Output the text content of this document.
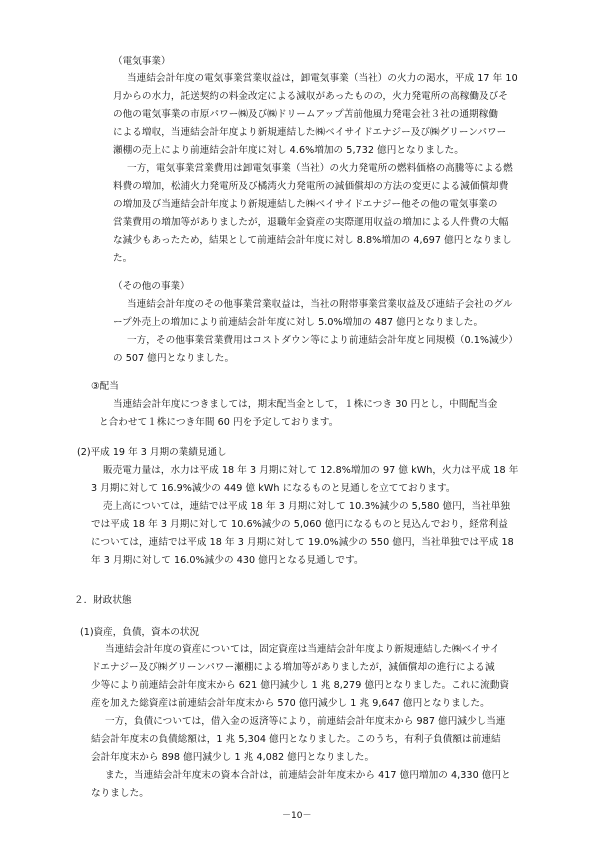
（電気事業）
当連結会計年度の電気事業営業収益は，卸電気事業（当社）の火力の渇水，平成 17 年 10
月からの水力，託送契約の料金改定による減収があったものの，火力発電所の高稼働及びそ
の他の電気事業の市原パワー㈱及び㈱ドリームアップ苫前他風力発電会社３社の通期稼働
による増収，当連結会計年度より新規連結した㈱ベイサイドエナジー及び㈱グリーンパワー
瀬棚の売上により前連結会計年度に対し 4.6%増加の 5,732 億円となりました。
一方，電気事業営業費用は卸電気事業（当社）の火力発電所の燃料価格の高騰等による燃
料費の増加，松浦火力発電所及び橘湾火力発電所の減価償却の方法の変更による減価償却費
の増加及び当連結会計年度より新規連結した㈱ベイサイドエナジー他その他の電気事業の
営業費用の増加等がありましたが，退職年金資産の実際運用収益の増加による人件費の大幅
な減少もあったため，結果として前連結会計年度に対し 8.8%増加の 4,697 億円となりまし
た。
（その他の事業）
当連結会計年度のその他事業営業収益は，当社の附帯事業営業収益及び連結子会社のグル
ープ外売上の増加により前連結会計年度に対し 5.0%増加の 487 億円となりました。
一方，その他事業営業費用はコストダウン等により前連結会計年度と同規模（0.1%減少）
の 507 億円となりました。
③配当
当連結会計年度につきましては，期末配当金として，１株につき 30 円とし，中間配当金
と合わせて１株につき年間 60 円を予定しております。
(2)平成 19 年 3 月期の業績見通し
販売電力量は，水力は平成 18 年 3 月期に対して 12.8%増加の 97 億 kWh，火力は平成 18 年
3 月期に対して 16.9%減少の 449 億 kWh になるものと見通しを立てております。
売上高については，連結では平成 18 年 3 月期に対して 10.3%減少の 5,580 億円，当社単独
では平成 18 年 3 月期に対して 10.6%減少の 5,060 億円になるものと見込んでおり，経常利益
については，連結では平成 18 年 3 月期に対して 19.0%減少の 550 億円，当社単独では平成 18
年 3 月期に対して 16.0%減少の 430 億円となる見通しです。
２．財政状態
(1)資産，負債，資本の状況
当連結会計年度の資産については，固定資産は当連結会計年度より新規連結した㈱ベイサイ
ドエナジー及び㈱グリーンパワー瀬棚による増加等がありましたが，減価償却の進行による減
少等により前連結会計年度末から 621 億円減少し 1 兆 8,279 億円となりました。これに流動資
産を加えた総資産は前連結会計年度末から 570 億円減少し 1 兆 9,647 億円となりました。
一方，負債については，借入金の返済等により，前連結会計年度末から 987 億円減少し当連
結会計年度末の負債総額は，1 兆 5,304 億円となりました。このうち，有利子負債額は前連結
会計年度末から 898 億円減少し 1 兆 4,082 億円となりました。
また，当連結会計年度末の資本合計は，前連結会計年度末から 417 億円増加の 4,330 億円と
なりました。
－10－
